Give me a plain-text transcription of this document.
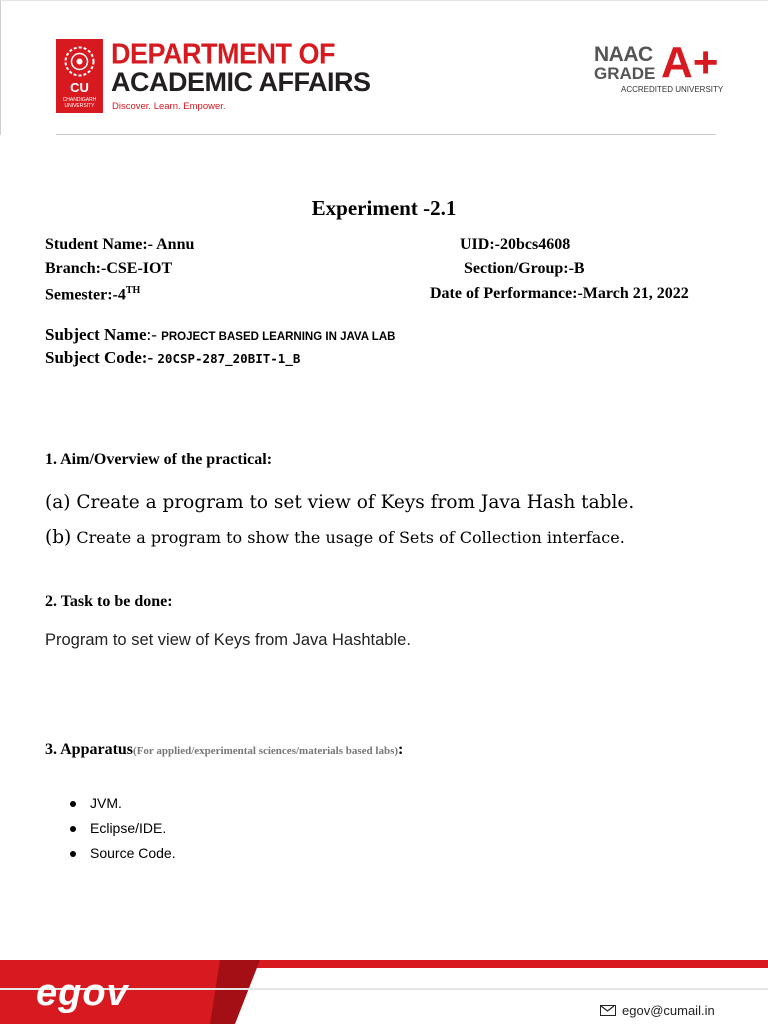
CU
CHANDIGARH UNIVERSITY
DEPARTMENT OF
ACADEMIC AFFAIRS
Discover. Learn. Empower.
NAAC
GRADE A+
ACCREDITED UNIVERSITY
Experiment -2.1
Student Name:- Annu	UID:-20bcs4608
Branch:-CSE-IOT	Section/Group:-B
Semester:-4TH	Date of Performance:-March 21, 2022
Subject Name:- PROJECT BASED LEARNING IN JAVA LAB
Subject Code:- 20CSP-287_20BIT-1_B
1. Aim/Overview of the practical:
(a) Create a program to set view of Keys from Java Hash table.
(b) Create a program to show the usage of Sets of Collection interface.
2. Task to be done:
Program to set view of Keys from Java Hashtable.
3. Apparatus(For applied/experimental sciences/materials based labs):
JVM.
Eclipse/IDE.
Source Code.
egov	egov@cumail.in
